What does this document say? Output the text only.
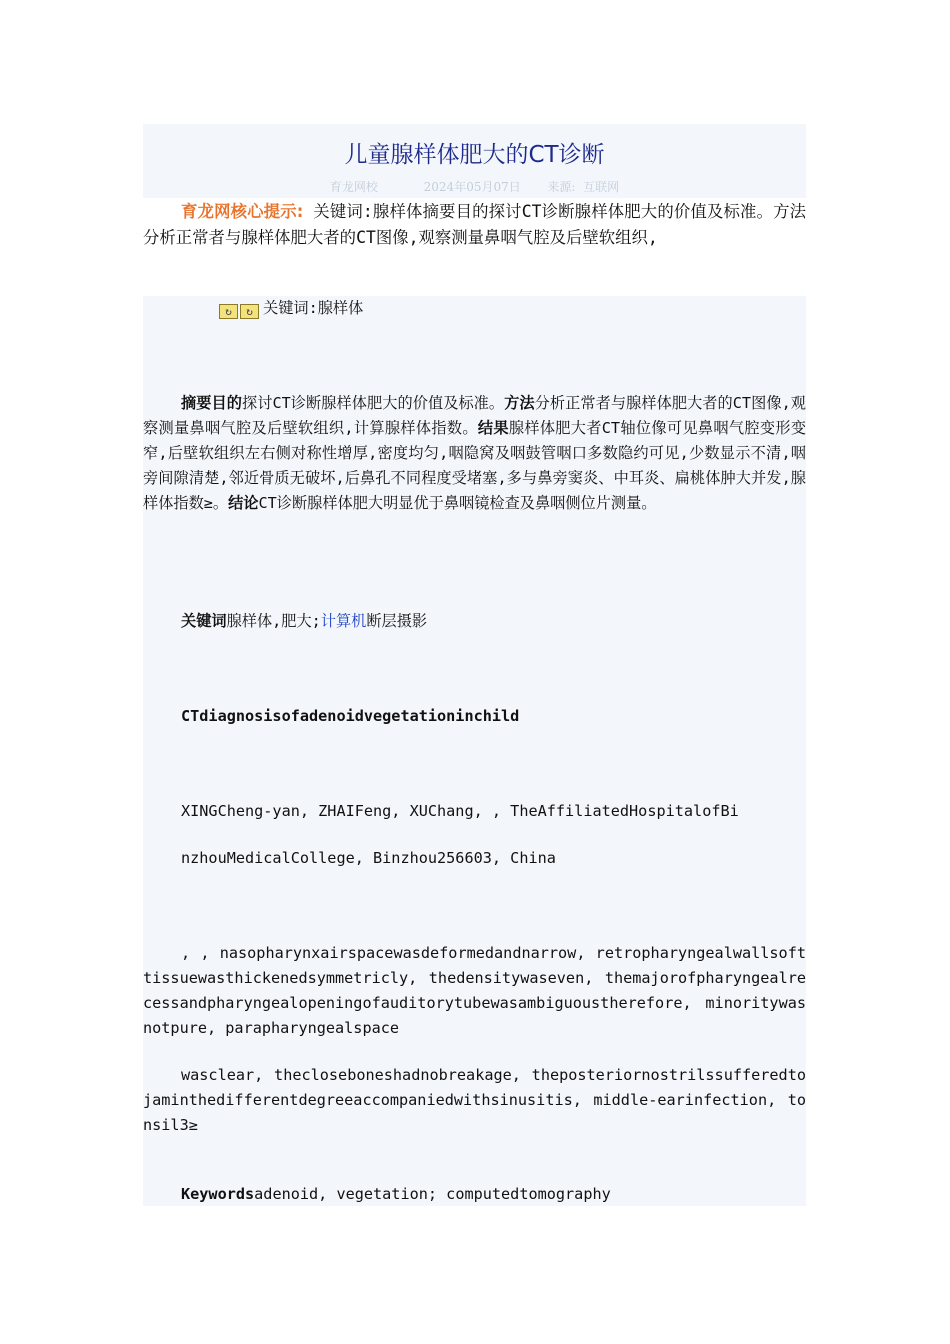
儿童腺样体肥大的CT诊断
育龙网校            2024年05月07日       来源:  互联网
育龙网核心提示: 关键词:腺样体摘要目的探讨CT诊断腺样体肥大的价值及标准。方法分析正常者与腺样体肥大者的CT图像,观察测量鼻咽气腔及后壁软组织,

↻ ↻ 关键词:腺样体

摘要目的探讨CT诊断腺样体肥大的价值及标准。方法分析正常者与腺样体肥大者的CT图像,观察测量鼻咽气腔及后壁软组织,计算腺样体指数。结果腺样体肥大者CT轴位像可见鼻咽气腔变形变窄,后壁软组织左右侧对称性增厚,密度均匀,咽隐窝及咽鼓管咽口多数隐约可见,少数显示不清,咽旁间隙清楚,邻近骨质无破坏,后鼻孔不同程度受堵塞,多与鼻旁窦炎、中耳炎、扁桃体肿大并发,腺样体指数≥。结论CT诊断腺样体肥大明显优于鼻咽镜检查及鼻咽侧位片测量。

关键词腺样体,肥大;计算机断层摄影

CTdiagnosisofadenoidvegetationinchild

XINGCheng-yan, ZHAIFeng, XUChang, , TheAffiliatedHospitalofBi

nzhouMedicalCollege, Binzhou256603, China

, , nasopharynxairspacewasdeformedandnarrow, retropharyngealwallsofttissuewasthickenedsymmetricly, thedensitywaseven, themajorofpharyngealrecessandpharyngealopeningofauditorytubewasambiguoustherefore, minoritywasnotpure, parapharyngealspace

wasclear, thecloseboneshadnobreakage, theposteriornostrilssufferedtojaminthedifferentdegreeaccompaniedwithsinusitis, middle-earinfection, tonsil3≥

Keywordsadenoid, vegetation; computedtomography
